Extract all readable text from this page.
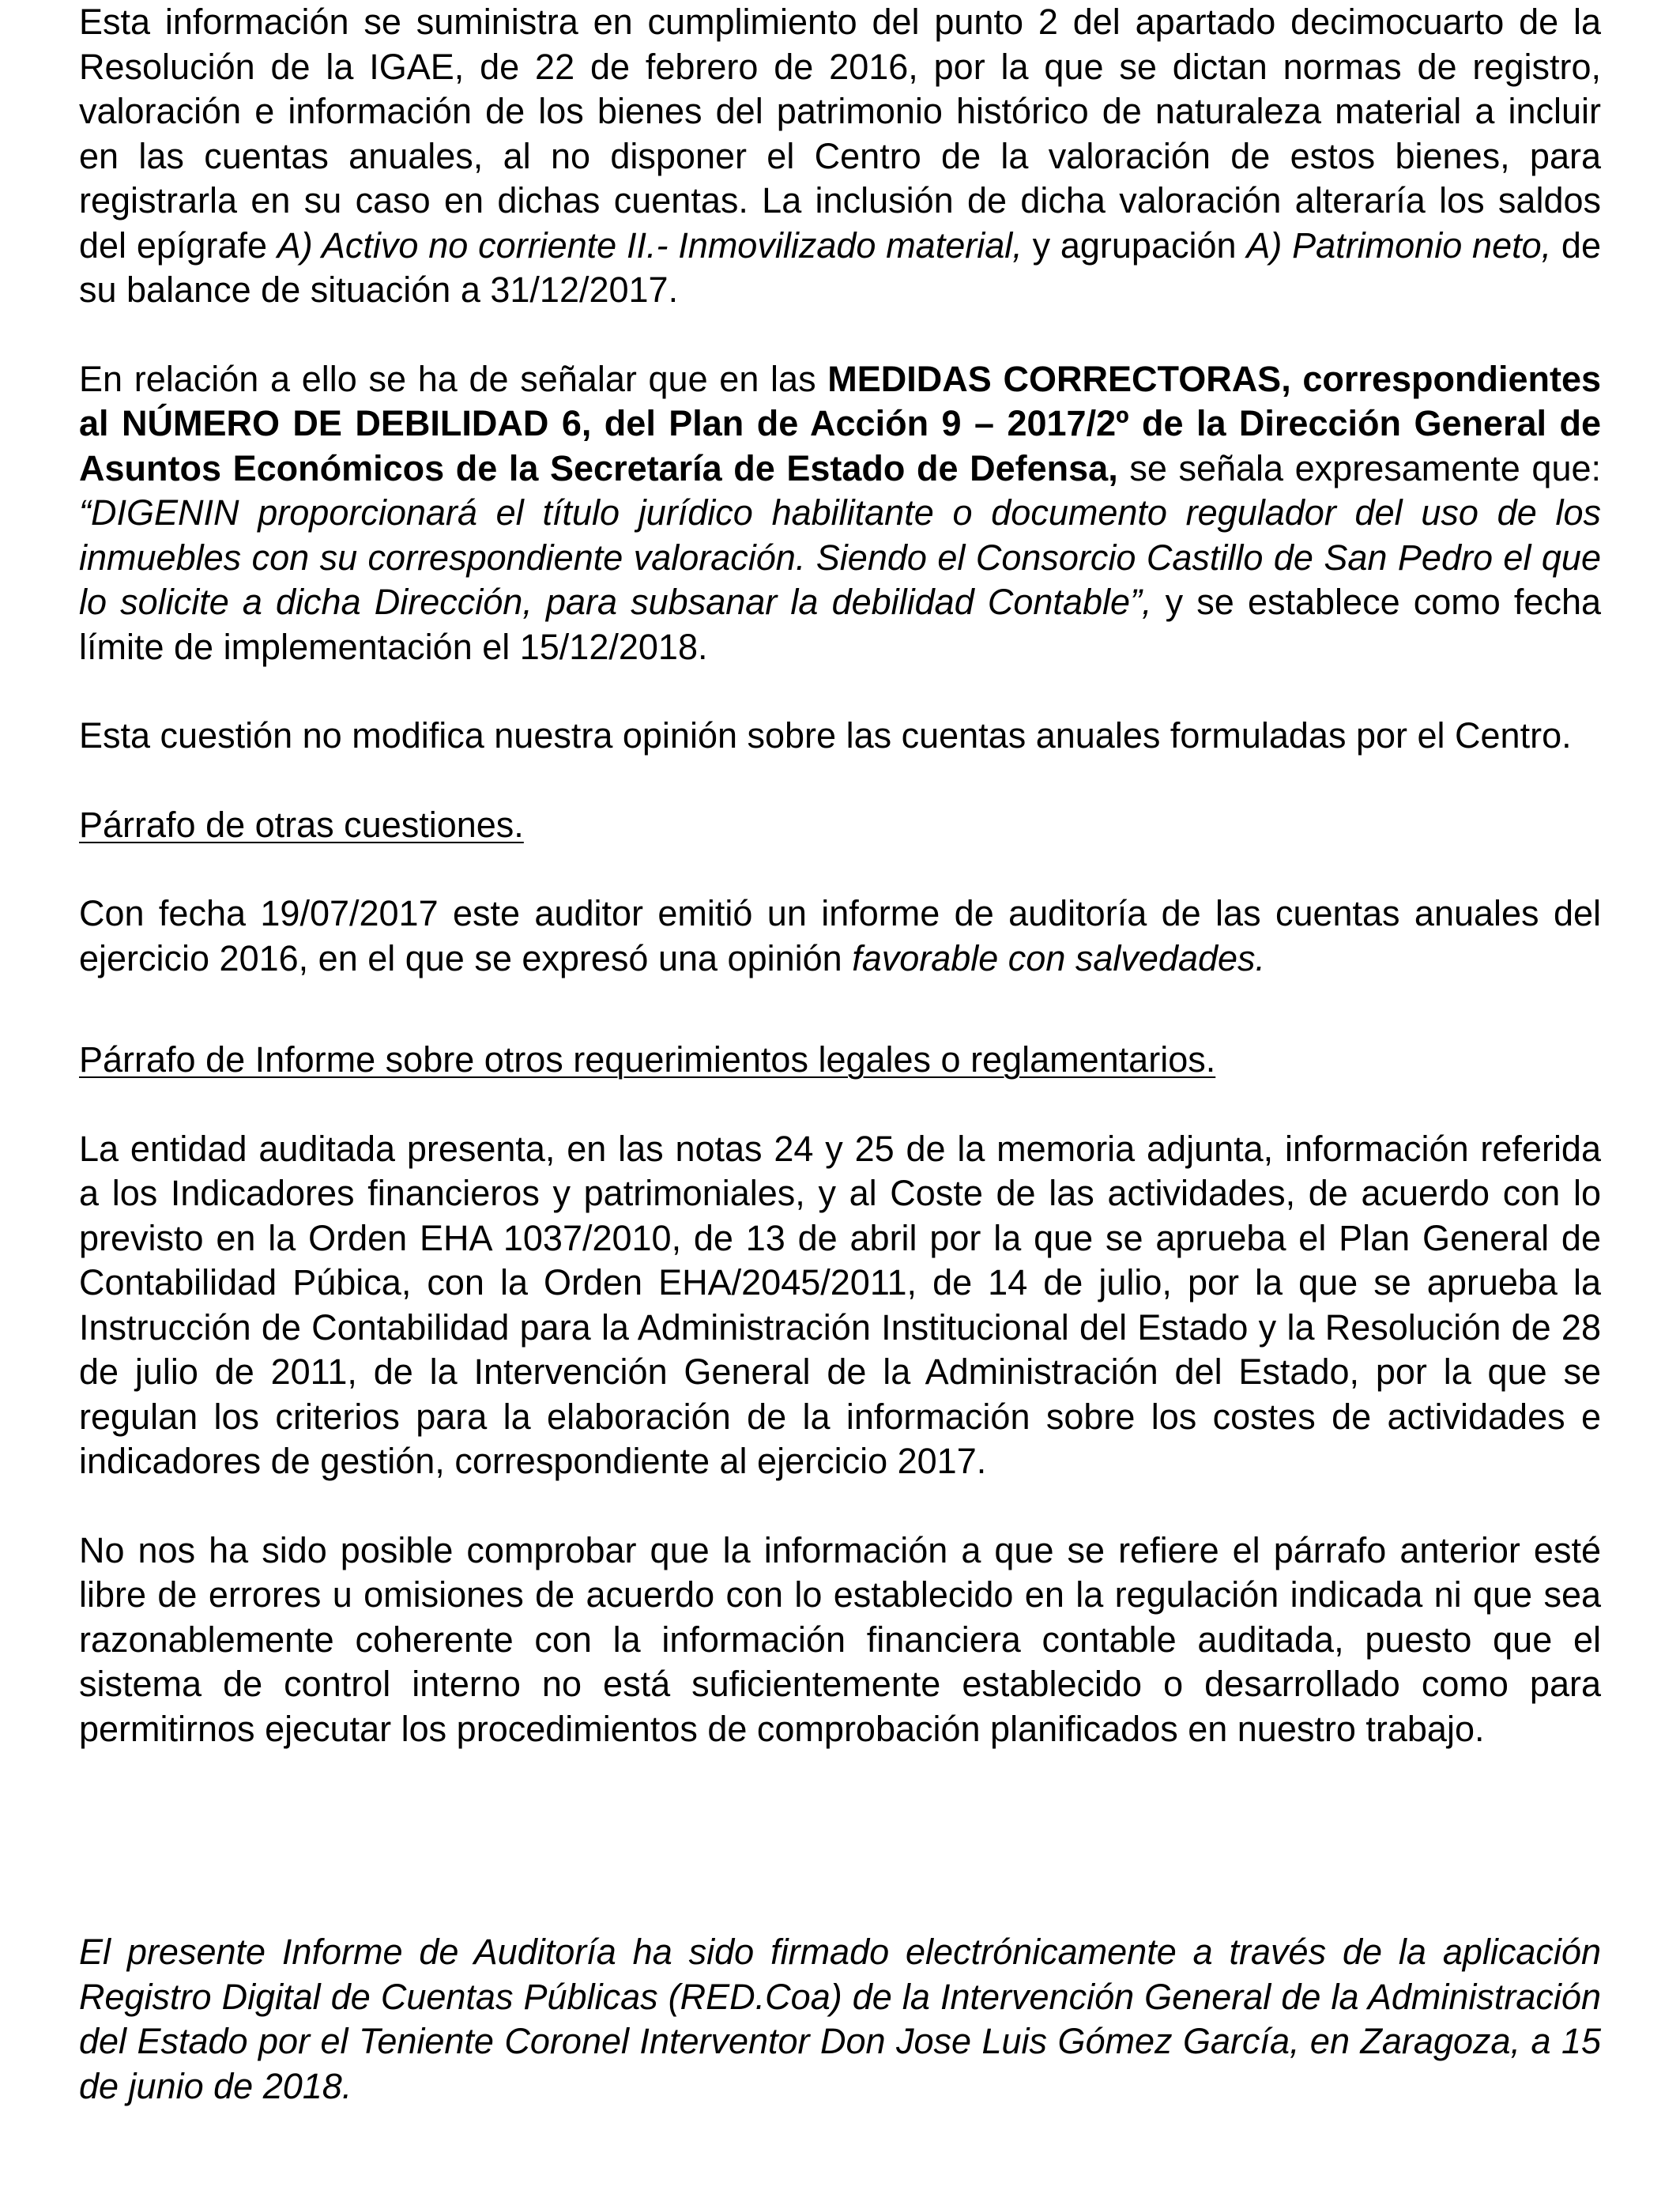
Esta información se suministra en cumplimiento del punto 2 del apartado decimocuarto de la Resolución de la IGAE, de 22 de febrero de 2016, por la que se dictan normas de registro, valoración e información de los bienes del patrimonio histórico de naturaleza material a incluir en las cuentas anuales, al no disponer el Centro de la valoración de estos bienes, para registrarla en su caso en dichas cuentas. La inclusión de dicha valoración alteraría los saldos del epígrafe A) Activo no corriente II.- Inmovilizado material, y agrupación A) Patrimonio neto, de su balance de situación a 31/12/2017.

En relación a ello se ha de señalar que en las MEDIDAS CORRECTORAS, correspondientes al NÚMERO DE DEBILIDAD 6, del Plan de Acción 9 – 2017/2º de la Dirección General de Asuntos Económicos de la Secretaría de Estado de Defensa, se señala expresamente que: “DIGENIN proporcionará el título jurídico habilitante o documento regulador del uso de los inmuebles con su correspondiente valoración. Siendo el Consorcio Castillo de San Pedro el que lo solicite a dicha Dirección, para subsanar la debilidad Contable”, y se establece como fecha límite de implementación el 15/12/2018.

Esta cuestión no modifica nuestra opinión sobre las cuentas anuales formuladas por el Centro.

Párrafo de otras cuestiones.

Con fecha 19/07/2017 este auditor emitió un informe de auditoría de las cuentas anuales del ejercicio 2016, en el que se expresó una opinión favorable con salvedades.

Párrafo de Informe sobre otros requerimientos legales o reglamentarios.

La entidad auditada presenta, en las notas 24 y 25 de la memoria adjunta, información referida a los Indicadores financieros y patrimoniales, y al Coste de las actividades, de acuerdo con lo previsto en la Orden EHA 1037/2010, de 13 de abril por la que se aprueba el Plan General de Contabilidad Púbica, con la Orden EHA/2045/2011, de 14 de julio, por la que se aprueba la Instrucción de Contabilidad para la Administración Institucional del Estado y la Resolución de 28 de julio de 2011, de la Intervención General de la Administración del Estado, por la que se regulan los criterios para la elaboración de la información sobre los costes de actividades e indicadores de gestión, correspondiente al ejercicio 2017.

No nos ha sido posible comprobar que la información a que se refiere el párrafo anterior esté libre de errores u omisiones de acuerdo con lo establecido en la regulación indicada ni que sea razonablemente coherente con la información financiera contable auditada, puesto que el sistema de control interno no está suficientemente establecido o desarrollado como para permitirnos ejecutar los procedimientos de comprobación planificados en nuestro trabajo.

El presente Informe de Auditoría ha sido firmado electrónicamente a través de la aplicación Registro Digital de Cuentas Públicas (RED.Coa) de la Intervención General de la Administración del Estado por el Teniente Coronel Interventor Don Jose Luis Gómez García, en Zaragoza, a 15 de junio de 2018.
